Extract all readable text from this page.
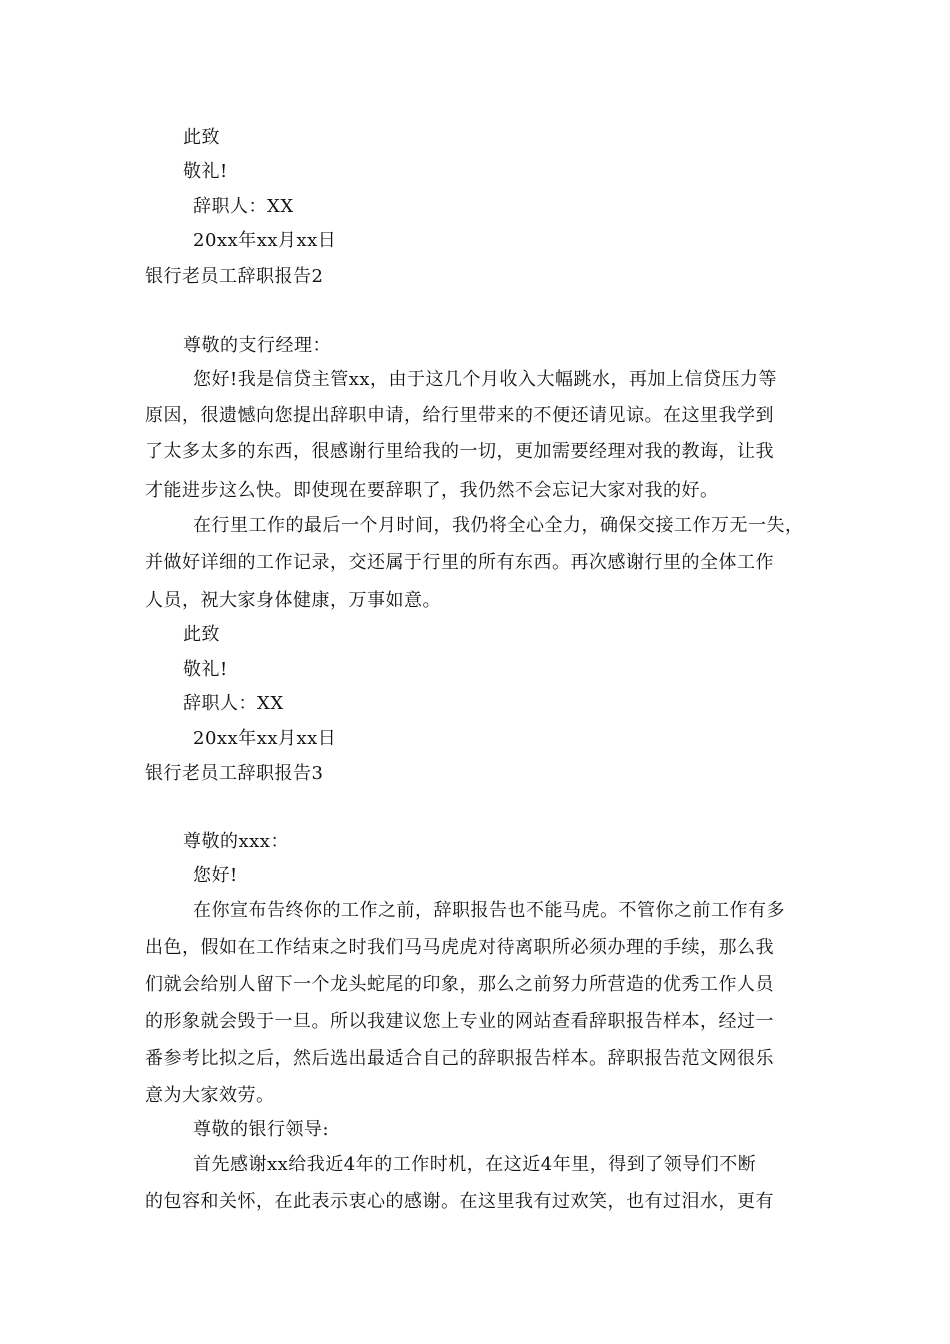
此致
敬礼!
辞职人：XX
20xx年xx月xx日
银行老员工辞职报告2
尊敬的支行经理：
您好!我是信贷主管xx，由于这几个月收入大幅跳水，再加上信贷压力等
原因，很遗憾向您提出辞职申请，给行里带来的不便还请见谅。在这里我学到
了太多太多的东西，很感谢行里给我的一切，更加需要经理对我的教诲，让我
才能进步这么快。即使现在要辞职了，我仍然不会忘记大家对我的好。
在行里工作的最后一个月时间，我仍将全心全力，确保交接工作万无一失，
并做好详细的工作记录，交还属于行里的所有东西。再次感谢行里的全体工作
人员，祝大家身体健康，万事如意。
此致
敬礼!
辞职人：XX
20xx年xx月xx日
银行老员工辞职报告3
尊敬的xxx：
您好!
在你宣布告终你的工作之前，辞职报告也不能马虎。不管你之前工作有多
出色，假如在工作结束之时我们马马虎虎对待离职所必须办理的手续，那么我
们就会给别人留下一个龙头蛇尾的印象，那么之前努力所营造的优秀工作人员
的形象就会毁于一旦。所以我建议您上专业的网站查看辞职报告样本，经过一
番参考比拟之后，然后选出最适合自己的辞职报告样本。辞职报告范文网很乐
意为大家效劳。
尊敬的银行领导:
首先感谢xx给我近4年的工作时机，在这近4年里，得到了领导们不断
的包容和关怀，在此表示衷心的感谢。在这里我有过欢笑，也有过泪水，更有
